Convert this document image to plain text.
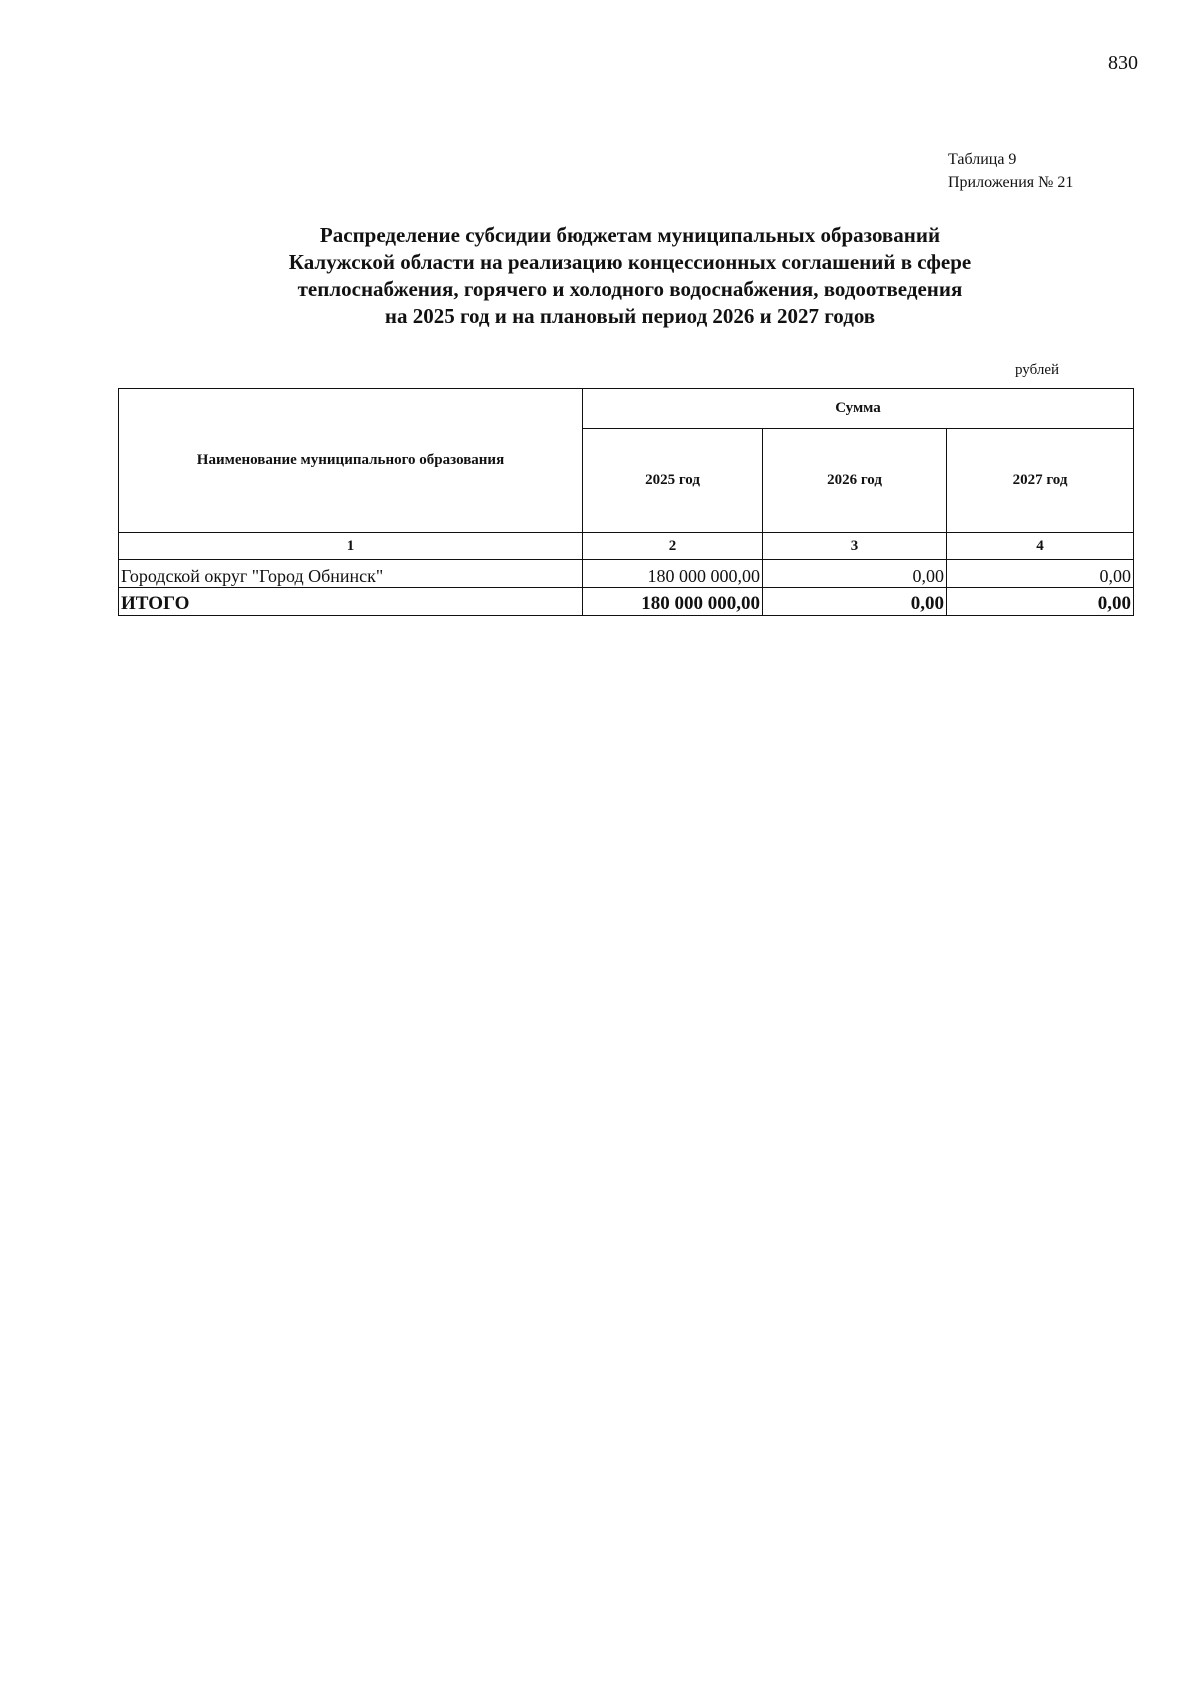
830
Таблица 9
Приложения № 21
Распределение субсидии бюджетам муниципальных образований
Калужской области на реализацию концессионных соглашений в сфере
теплоснабжения, горячего и холодного водоснабжения, водоотведения
на 2025 год и на плановый период 2026 и 2027 годов
рублей
Наименование муниципального образования	Сумма		
	2025 год	2026 год	2027 год
1	2	3	4
Городской округ "Город Обнинск"	180 000 000,00	0,00	0,00
ИТОГО	180 000 000,00	0,00	0,00
